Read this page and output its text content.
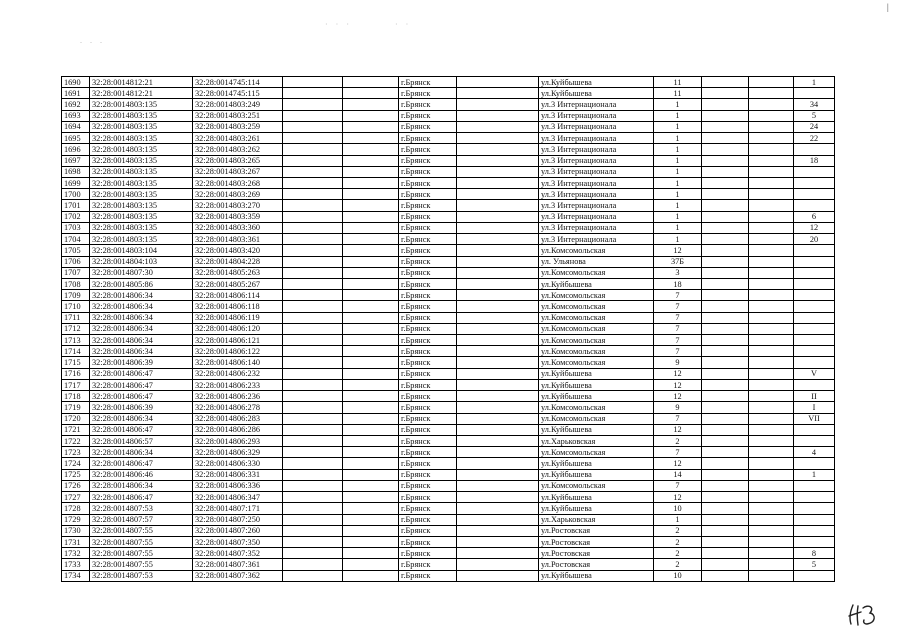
|
· · ·	· ·
. . .
1690	32:28:0014812:21	32:28:0014745:114			г.Брянск		ул.Куйбышева	11			1
1691	32:28:0014812:21	32:28:0014745:115			г.Брянск		ул.Куйбышева	11			
1692	32:28:0014803:135	32:28:0014803:249			г.Брянск		ул.3 Интернационала	1			34
1693	32:28:0014803:135	32:28:0014803:251			г.Брянск		ул.3 Интернационала	1			5
1694	32:28:0014803:135	32:28:0014803:259			г.Брянск		ул.3 Интернационала	1			24
1695	32:28:0014803:135	32:28:0014803:261			г.Брянск		ул.3 Интернационала	1			22
1696	32:28:0014803:135	32:28:0014803:262			г.Брянск		ул.3 Интернационала	1			
1697	32:28:0014803:135	32:28:0014803:265			г.Брянск		ул.3 Интернационала	1			18
1698	32:28:0014803:135	32:28:0014803:267			г.Брянск		ул.3 Интернационала	1			
1699	32:28:0014803:135	32:28:0014803:268			г.Брянск		ул.3 Интернационала	1			
1700	32:28:0014803:135	32:28:0014803:269			г.Брянск		ул.3 Интернационала	1			
1701	32:28:0014803:135	32:28:0014803:270			г.Брянск		ул.3 Интернационала	1			
1702	32:28:0014803:135	32:28:0014803:359			г.Брянск		ул.3 Интернационала	1			6
1703	32:28:0014803:135	32:28:0014803:360			г.Брянск		ул.3 Интернационала	1			12
1704	32:28:0014803:135	32:28:0014803:361			г.Брянск		ул.3 Интернационала	1			20
1705	32:28:0014803:104	32:28:0014803:420			г.Брянск		ул.Комсомольская	12			
1706	32:28:0014804:103	32:28:0014804:228			г.Брянск		ул. Ульянова	37Б			
1707	32:28:0014807:30	32:28:0014805:263			г.Брянск		ул.Комсомольская	3			
1708	32:28:0014805:86	32:28:0014805:267			г.Брянск		ул.Куйбышева	18			
1709	32:28:0014806:34	32:28:0014806:114			г.Брянск		ул.Комсомольская	7			
1710	32:28:0014806:34	32:28:0014806:118			г.Брянск		ул.Комсомольская	7			
1711	32:28:0014806:34	32:28:0014806:119			г.Брянск		ул.Комсомольская	7			
1712	32:28:0014806:34	32:28:0014806:120			г.Брянск		ул.Комсомольская	7			
1713	32:28:0014806:34	32:28:0014806:121			г.Брянск		ул.Комсомольская	7			
1714	32:28:0014806:34	32:28:0014806:122			г.Брянск		ул.Комсомольская	7			
1715	32:28:0014806:39	32:28:0014806:140			г.Брянск		ул.Комсомольская	9			
1716	32:28:0014806:47	32:28:0014806:232			г.Брянск		ул.Куйбышева	12			V
1717	32:28:0014806:47	32:28:0014806:233			г.Брянск		ул.Куйбышева	12			
1718	32:28:0014806:47	32:28:0014806:236			г.Брянск		ул.Куйбышева	12			II
1719	32:28:0014806:39	32:28:0014806:278			г.Брянск		ул.Комсомольская	9			I
1720	32:28:0014806:34	32:28:0014806:283			г.Брянск		ул.Комсомольская	7			VII
1721	32:28:0014806:47	32:28:0014806:286			г.Брянск		ул.Куйбышева	12			
1722	32:28:0014806:57	32:28:0014806:293			г.Брянск		ул.Харьковская	2			
1723	32:28:0014806:34	32:28:0014806:329			г.Брянск		ул.Комсомольская	7			4
1724	32:28:0014806:47	32:28:0014806:330			г.Брянск		ул.Куйбышева	12			
1725	32:28:0014806:46	32:28:0014806:331			г.Брянск		ул.Куйбышева	14			1
1726	32:28:0014806:34	32:28:0014806:336			г.Брянск		ул.Комсомольская	7			
1727	32:28:0014806:47	32:28:0014806:347			г.Брянск		ул.Куйбышева	12			
1728	32:28:0014807:53	32:28:0014807:171			г.Брянск		ул.Куйбышева	10			
1729	32:28:0014807:57	32:28:0014807:250			г.Брянск		ул.Харьковская	1			
1730	32:28:0014807:55	32:28:0014807:260			г.Брянск		ул.Ростовская	2			
1731	32:28:0014807:55	32:28:0014807:350			г.Брянск		ул.Ростовская	2			
1732	32:28:0014807:55	32:28:0014807:352			г.Брянск		ул.Ростовская	2			8
1733	32:28:0014807:55	32:28:0014807:361			г.Брянск		ул.Ростовская	2			5
1734	32:28:0014807:53	32:28:0014807:362			г.Брянск		ул.Куйбышева	10			
